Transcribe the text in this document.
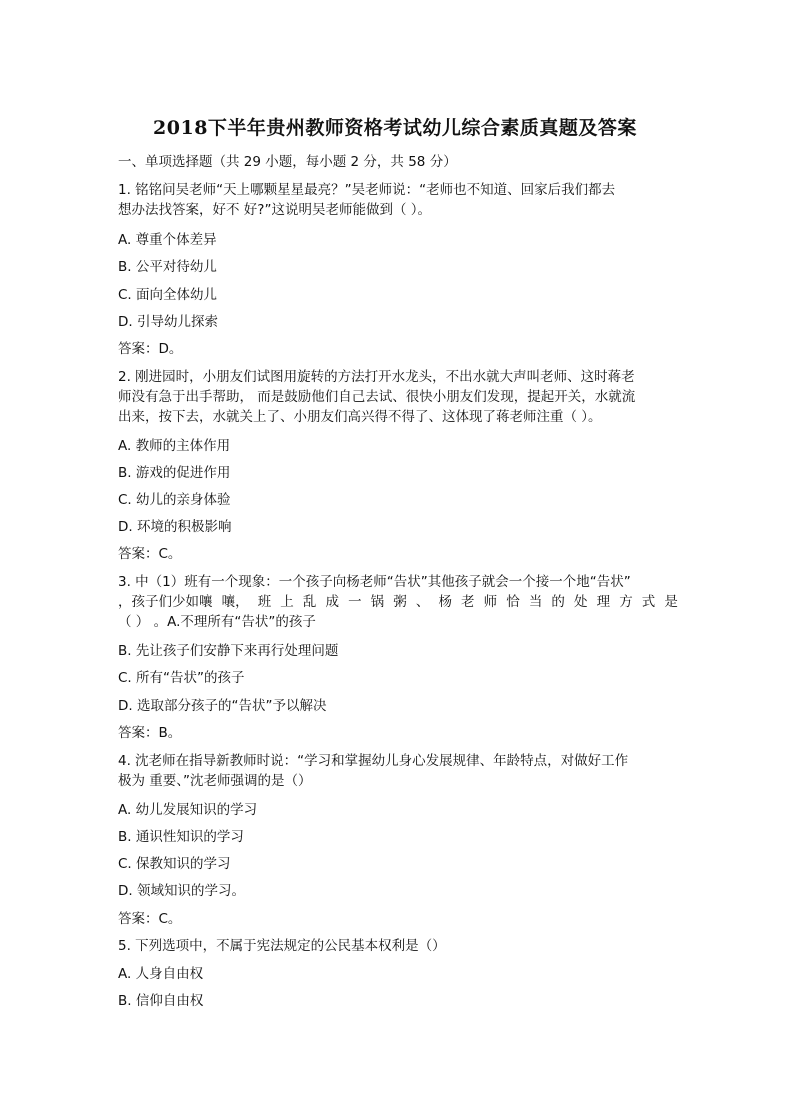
2018下半年贵州教师资格考试幼儿综合素质真题及答案
一、单项选择题（共 29 小题，每小题 2 分，共 58 分）
1. 铭铭问吴老师“天上哪颗星星最亮？”吴老师说：“老师也不知道、回家后我们都去
想办法找答案，好不 好?”这说明吴老师能做到（ ）。
A. 尊重个体差异
B. 公平对待幼儿
C. 面向全体幼儿
D. 引导幼儿探索
答案：D。
2. 刚进园时，小朋友们试图用旋转的方法打开水龙头，不出水就大声叫老师、这时蒋老
师没有急于出手帮助， 而是鼓励他们自己去试、很快小朋友们发现，提起开关，水就流
出来，按下去，水就关上了、小朋友们高兴得不得了、这体现了蒋老师注重（ ）。
A. 教师的主体作用
B. 游戏的促进作用
C. 幼儿的亲身体验
D. 环境的积极影响
答案：C。
3. 中（1）班有一个现象：一个孩子向杨老师“告状”其他孩子就会一个接一个地“告状”
，孩子们少如嚷 嚷， 班 上 乱 成 一 锅 粥 、 杨 老 师 恰 当 的 处 理 方 式 是
（ ） 。A.不理所有“告状”的孩子
B. 先让孩子们安静下来再行处理问题
C. 所有“告状”的孩子
D. 选取部分孩子的“告状”予以解决
答案：B。
4. 沈老师在指导新教师时说：“学习和掌握幼儿身心发展规律、年龄特点，对做好工作
极为 重要、”沈老师强调的是（）
A. 幼儿发展知识的学习
B. 通识性知识的学习
C. 保教知识的学习
D. 领域知识的学习。
答案：C。
5. 下列选项中，不属于宪法规定的公民基本权利是（）
A. 人身自由权
B. 信仰自由权
